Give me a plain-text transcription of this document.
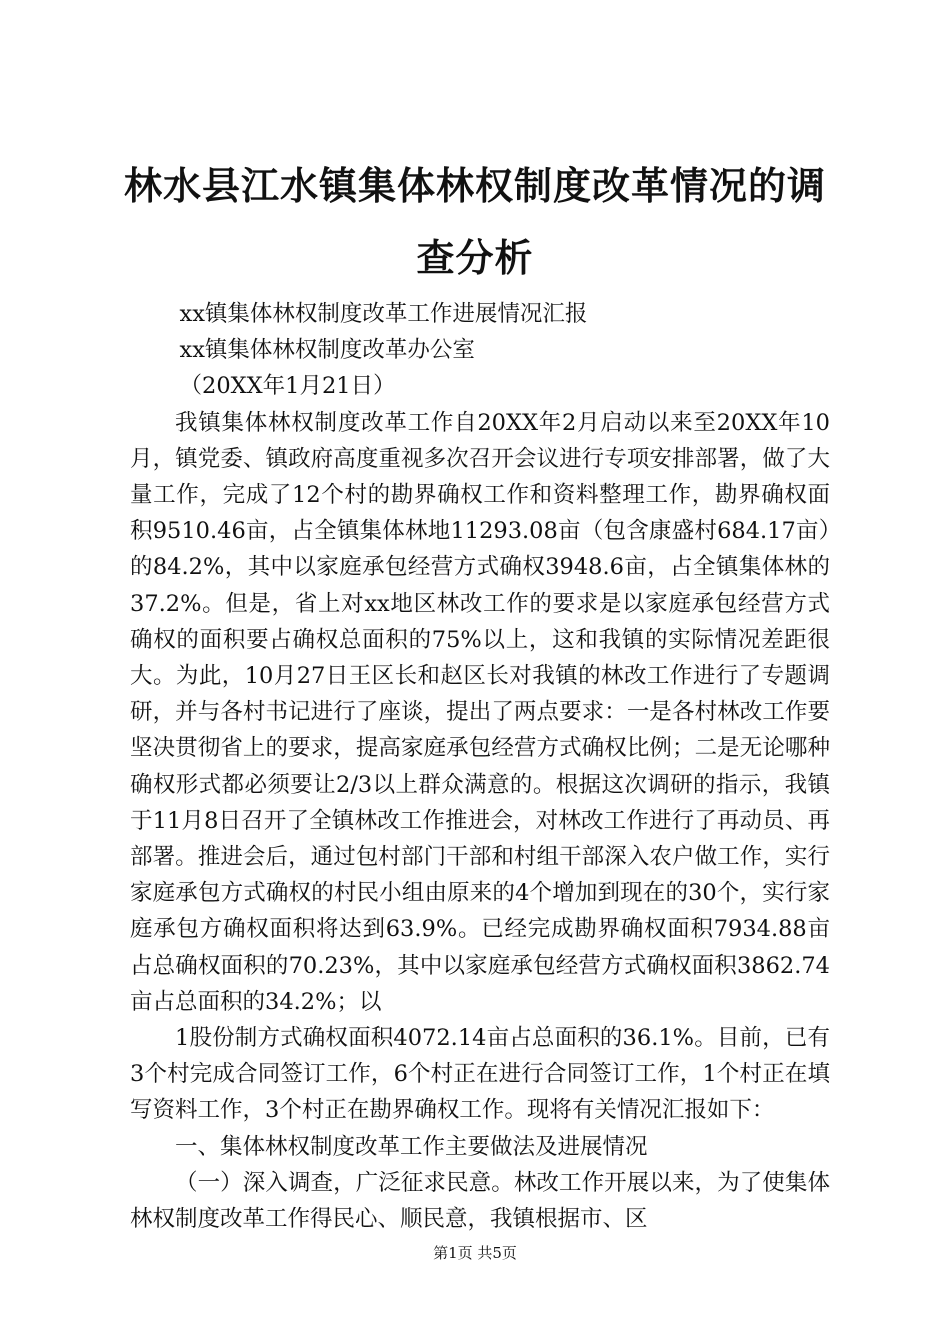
林水县江水镇集体林权制度改革情况的调查分析

xx镇集体林权制度改革工作进展情况汇报

xx镇集体林权制度改革办公室

（20XX年1月21日）

我镇集体林权制度改革工作自20XX年2月启动以来至20XX年10月，镇党委、镇政府高度重视多次召开会议进行专项安排部署，做了大量工作，完成了12个村的勘界确权工作和资料整理工作，勘界确权面积9510.46亩，占全镇集体林地11293.08亩（包含康盛村684.17亩）的84.2%，其中以家庭承包经营方式确权3948.6亩，占全镇集体林的37.2%。但是，省上对xx地区林改工作的要求是以家庭承包经营方式确权的面积要占确权总面积的75%以上，这和我镇的实际情况差距很大。为此，10月27日王区长和赵区长对我镇的林改工作进行了专题调研，并与各村书记进行了座谈，提出了两点要求：一是各村林改工作要坚决贯彻省上的要求，提高家庭承包经营方式确权比例；二是无论哪种确权形式都必须要让2/3以上群众满意的。根据这次调研的指示，我镇于11月8日召开了全镇林改工作推进会，对林改工作进行了再动员、再部署。推进会后，通过包村部门干部和村组干部深入农户做工作，实行家庭承包方式确权的村民小组由原来的4个增加到现在的30个，实行家庭承包方确权面积将达到63.9%。已经完成勘界确权面积7934.88亩占总确权面积的70.23%，其中以家庭承包经营方式确权面积3862.74亩占总面积的34.2%；以

1股份制方式确权面积4072.14亩占总面积的36.1%。目前，已有3个村完成合同签订工作，6个村正在进行合同签订工作，1个村正在填写资料工作，3个村正在勘界确权工作。现将有关情况汇报如下：

一、集体林权制度改革工作主要做法及进展情况

（一）深入调查，广泛征求民意。林改工作开展以来，为了使集体林权制度改革工作得民心、顺民意，我镇根据市、区

第1页 共5页
